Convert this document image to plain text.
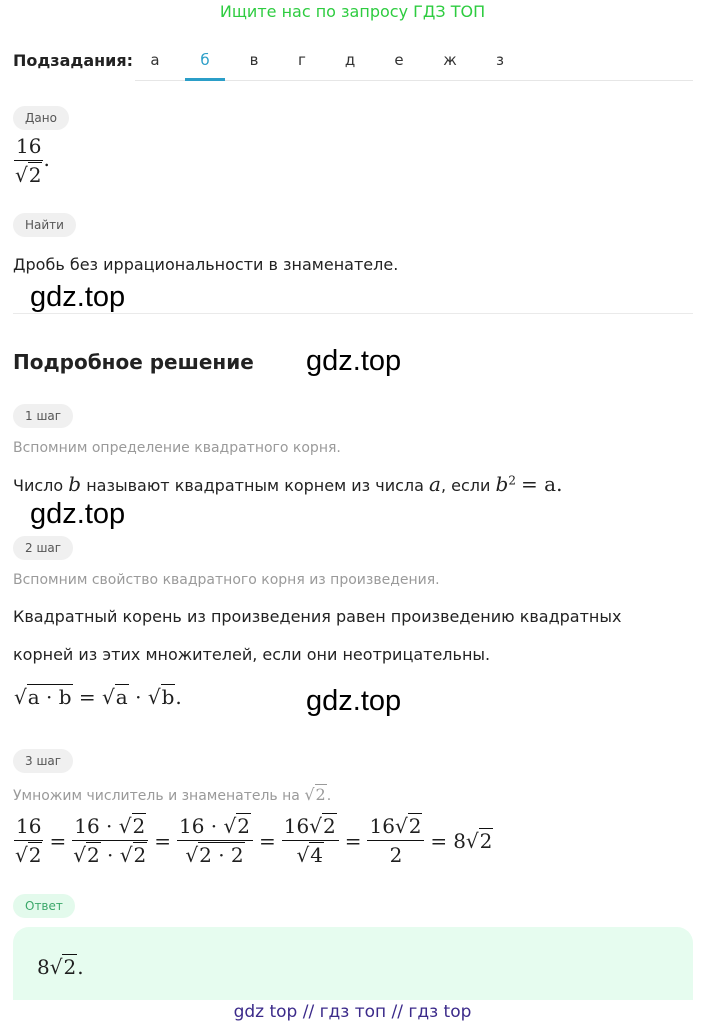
Ищите нас по запросу ГДЗ ТОП
Подзадания:	а	б	в	г	д	е	ж	з
Дано
$\frac{16}{√2}$ .
Найти
Дробь без иррациональности в знаменателе.
gdz.top
Подробное решение gdz.top
1 шаг
Вспомним определение квадратного корня.
Число b называют квадратным корнем из числа a, если $b^2 = a$.
gdz.top
2 шаг
Вспомним свойство квадратного корня из произведения.
Квадратный корень из произведения равен произведению квадратных
корней из этих множителей, если они неотрицательны.
√a · b = √a · √b.	gdz.top
3 шаг
Умножим числитель и знаменатель на √2.
$\frac{16}{√2} = \frac{16 \cdot √2}{√2 \cdot √2} = \frac{16 \cdot √2}{√2 \cdot 2} = \frac{16√2}{√4} = \frac{16√2}{2} = 8√2$
Ответ
8√2.
gdz top // гдз топ // гдз top
